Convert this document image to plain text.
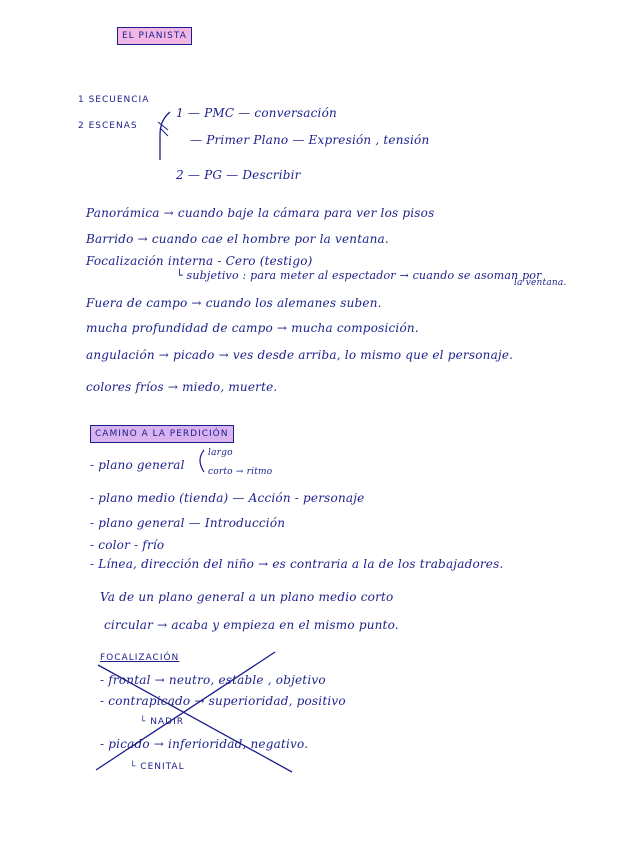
EL PIANISTA
1 SECUENCIA
2 ESCENAS
1 — PMC — conversación
— Primer Plano — Expresión , tensión
2 — PG — Describir
Panorámica → cuando baje la cámara para ver los pisos
Barrido → cuando cae el hombre por la ventana.
Focalización interna - Cero (testigo)
└ subjetivo : para meter al espectador → cuando se asoman por
la ventana.
Fuera de campo → cuando los alemanes suben.
mucha profundidad de campo → mucha composición.
angulación → picado → ves desde arriba, lo mismo que el personaje.
colores fríos → miedo, muerte.
CAMINO A LA PERDICIÓN
- plano general
largo
corto → ritmo
- plano medio (tienda) — Acción - personaje
- plano general — Introducción
- color - frío
- Línea, dirección del niño → es contraria a la de los trabajadores.
Va de un plano general a un plano medio corto
circular → acaba y empieza en el mismo punto.
FOCALIZACIÓN
- frontal → neutro, estable , objetivo
- contrapicado → superioridad, positivo
└ NADIR
- picado → inferioridad, negativo.
└ CENITAL
